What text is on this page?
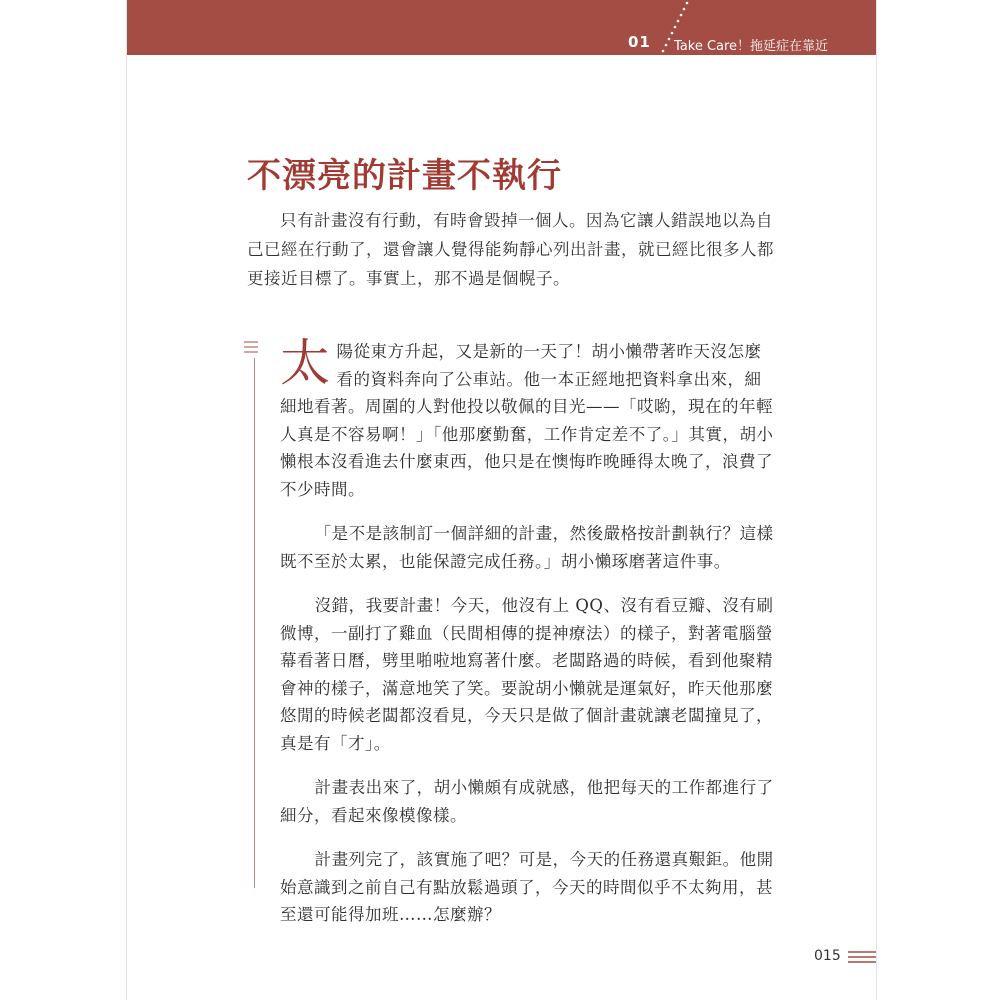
01 Take Care！拖延症在靠近
不漂亮的計畫不執行
只有計畫沒有行動，有時會毀掉一個人。因為它讓人錯誤地以為自己已經在行動了，還會讓人覺得能夠靜心列出計畫，就已經比很多人都更接近目標了。事實上，那不過是個幌子。

太陽從東方升起，又是新的一天了！胡小懶帶著昨天沒怎麼看的資料奔向了公車站。他一本正經地把資料拿出來，細細地看著。周圍的人對他投以敬佩的目光——「哎喲，現在的年輕人真是不容易啊！」「他那麼勤奮，工作肯定差不了。」其實，胡小懶根本沒看進去什麼東西，他只是在懊悔昨晚睡得太晚了，浪費了不少時間。

「是不是該制訂一個詳細的計畫，然後嚴格按計劃執行？這樣既不至於太累，也能保證完成任務。」胡小懶琢磨著這件事。

沒錯，我要計畫！今天，他沒有上 QQ、沒有看豆瓣、沒有刷微博，一副打了雞血（民間相傳的提神療法）的樣子，對著電腦螢幕看著日曆，劈里啪啦地寫著什麼。老闆路過的時候，看到他聚精會神的樣子，滿意地笑了笑。要說胡小懶就是運氣好，昨天他那麼悠閒的時候老闆都沒看見，今天只是做了個計畫就讓老闆撞見了，真是有「才」。

計畫表出來了，胡小懶頗有成就感，他把每天的工作都進行了細分，看起來像模像樣。

計畫列完了，該實施了吧？可是，今天的任務還真艱鉅。他開始意識到之前自己有點放鬆過頭了，今天的時間似乎不太夠用，甚至還可能得加班……怎麼辦？

015
